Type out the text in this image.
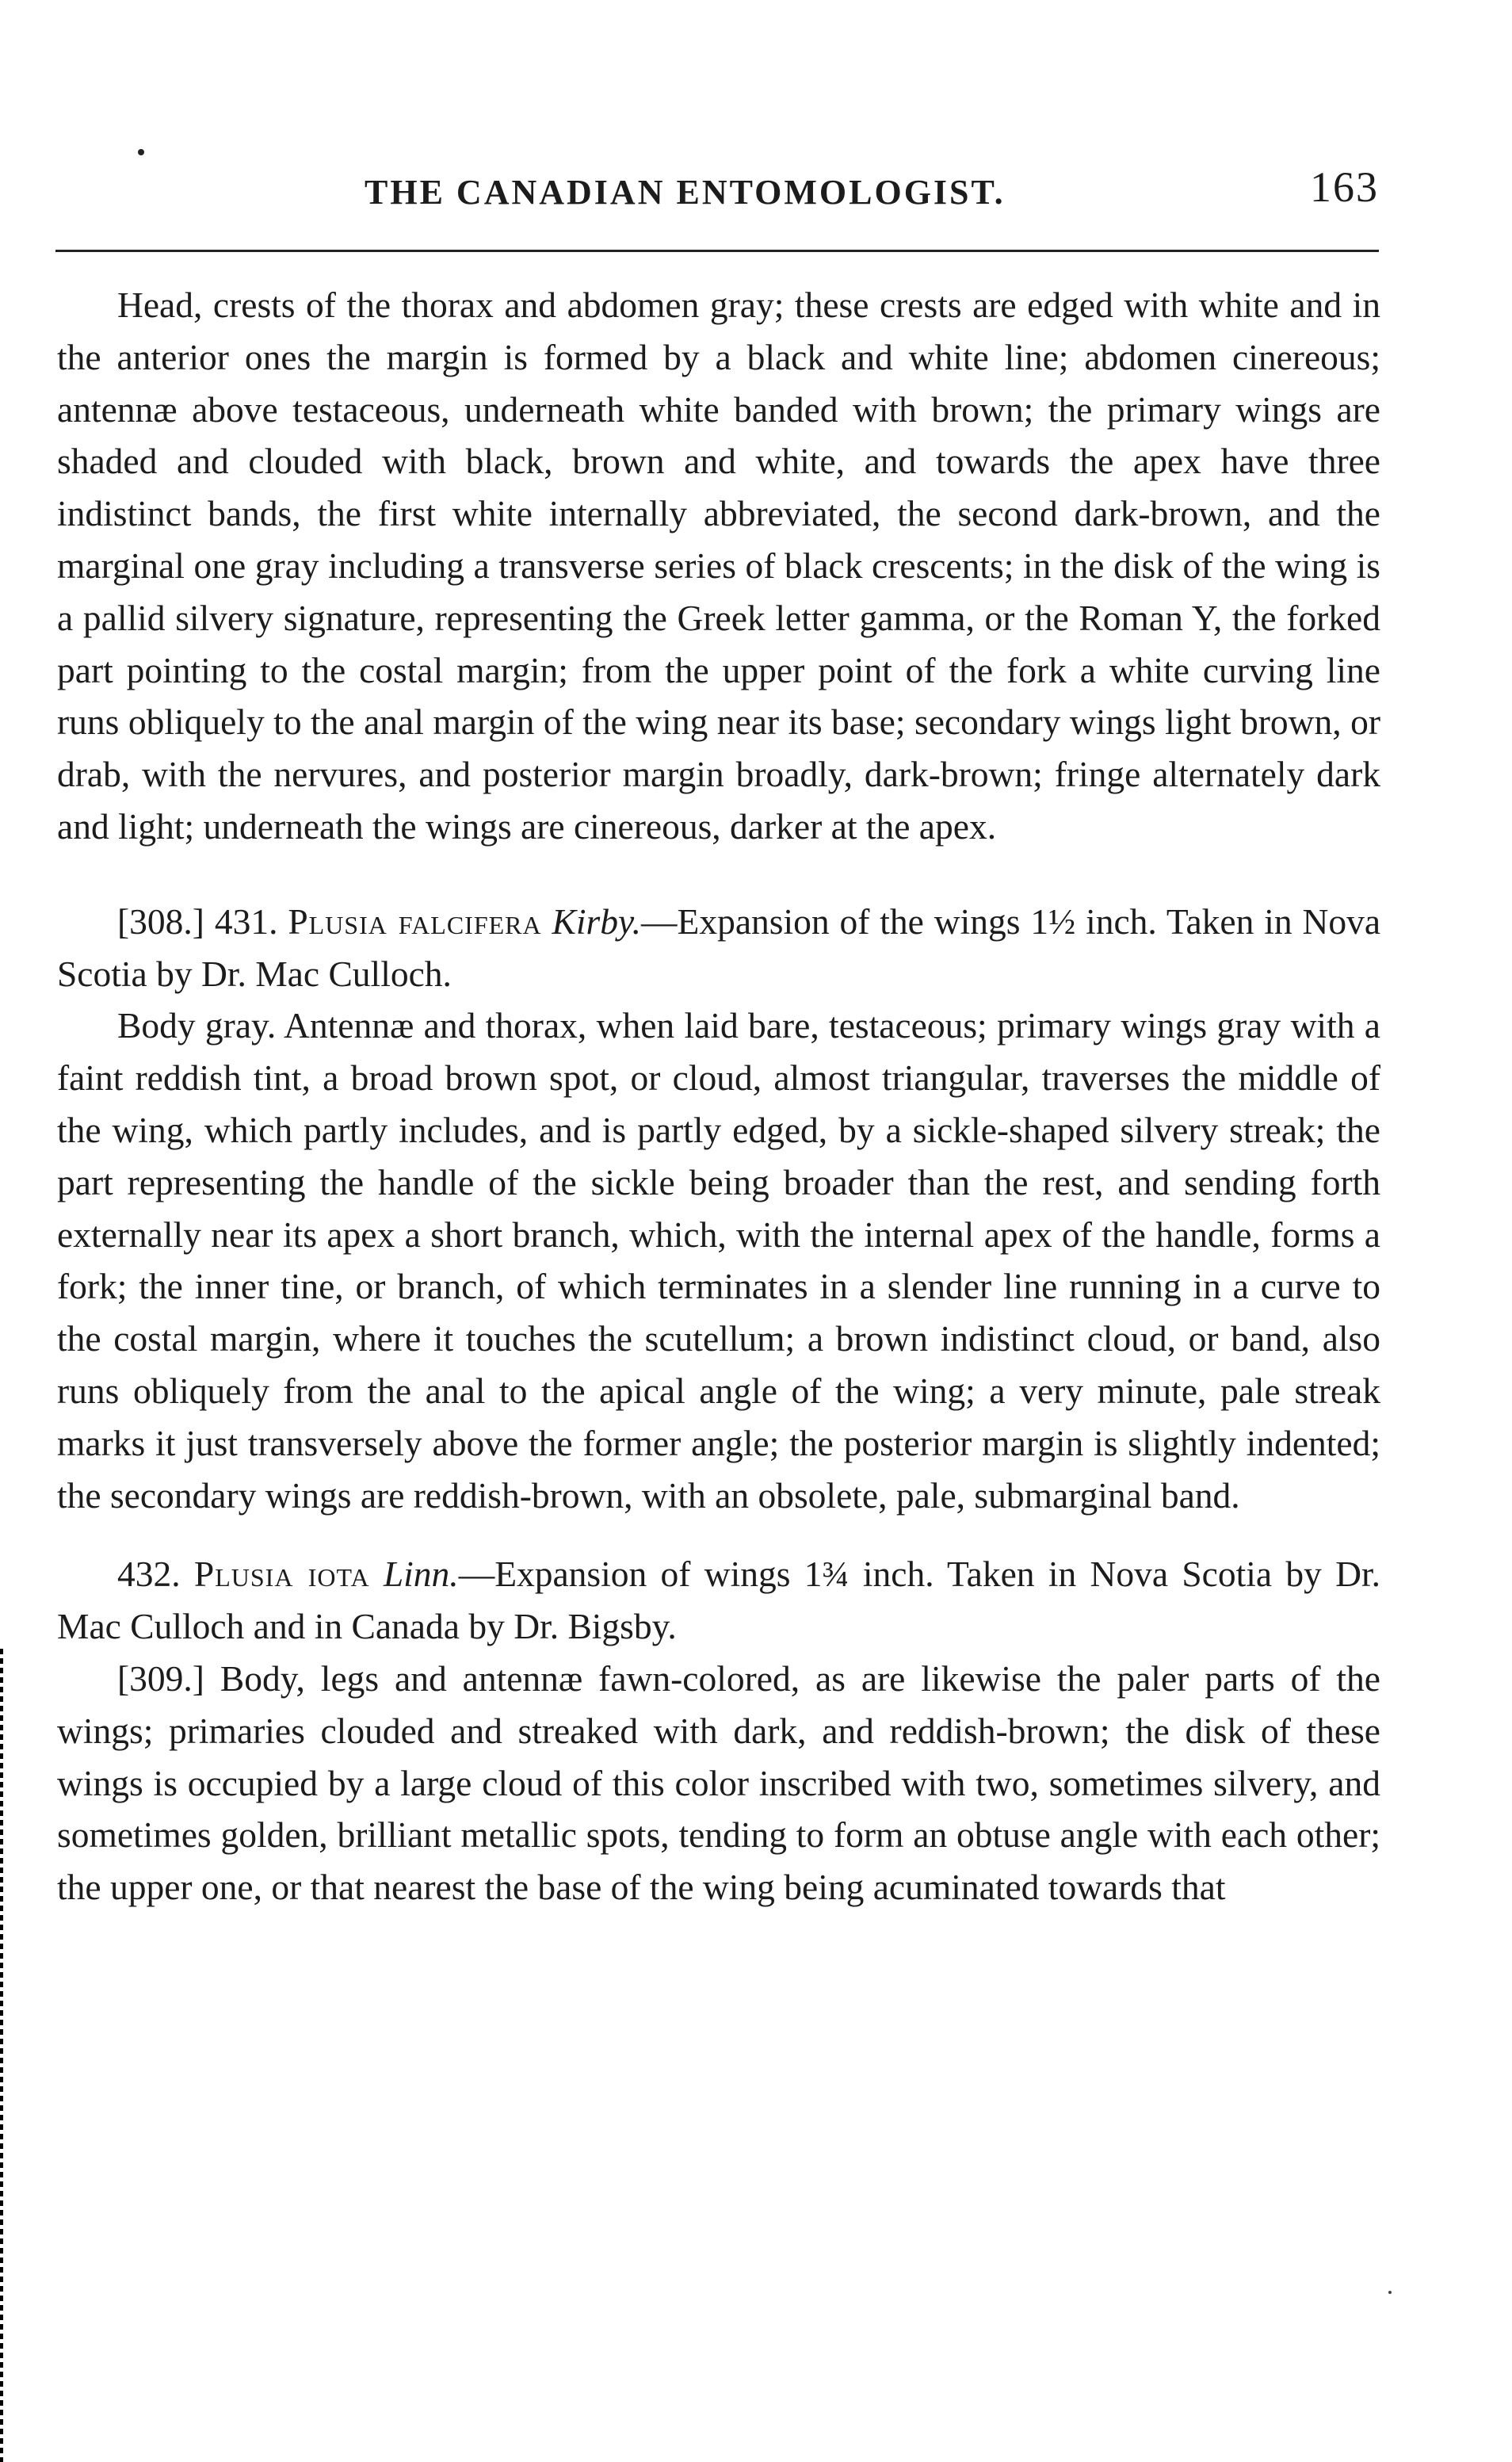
THE CANADIAN ENTOMOLOGIST.	163

Head, crests of the thorax and abdomen gray; these crests are edged with white and in the anterior ones the margin is formed by a black and white line; abdomen cinereous; antennæ above testaceous, underneath white banded with brown; the primary wings are shaded and clouded with black, brown and white, and towards the apex have three indistinct bands, the first white internally abbreviated, the second dark-brown, and the marginal one gray including a transverse series of black crescents; in the disk of the wing is a pallid silvery signature, representing the Greek letter gamma, or the Roman Y, the forked part pointing to the costal margin; from the upper point of the fork a white curving line runs obliquely to the anal margin of the wing near its base; secondary wings light brown, or drab, with the nervures, and posterior margin broadly, dark-brown; fringe alternately dark and light; underneath the wings are cinereous, darker at the apex.

[308.] 431. Plusia falcifera Kirby.—Expansion of the wings 1½ inch. Taken in Nova Scotia by Dr. Mac Culloch.

Body gray. Antennæ and thorax, when laid bare, testaceous; primary wings gray with a faint reddish tint, a broad brown spot, or cloud, almost triangular, traverses the middle of the wing, which partly includes, and is partly edged, by a sickle-shaped silvery streak; the part representing the handle of the sickle being broader than the rest, and sending forth externally near its apex a short branch, which, with the internal apex of the handle, forms a fork; the inner tine, or branch, of which terminates in a slender line running in a curve to the costal margin, where it touches the scutellum; a brown indistinct cloud, or band, also runs obliquely from the anal to the apical angle of the wing; a very minute, pale streak marks it just transversely above the former angle; the posterior margin is slightly indented; the secondary wings are reddish-brown, with an obsolete, pale, submarginal band.

432. Plusia iota Linn.—Expansion of wings 1¾ inch. Taken in Nova Scotia by Dr. Mac Culloch and in Canada by Dr. Bigsby.

[309.] Body, legs and antennæ fawn-colored, as are likewise the paler parts of the wings; primaries clouded and streaked with dark, and reddish-brown; the disk of these wings is occupied by a large cloud of this color inscribed with two, sometimes silvery, and sometimes golden, brilliant metallic spots, tending to form an obtuse angle with each other; the upper one, or that nearest the base of the wing being acuminated towards that
